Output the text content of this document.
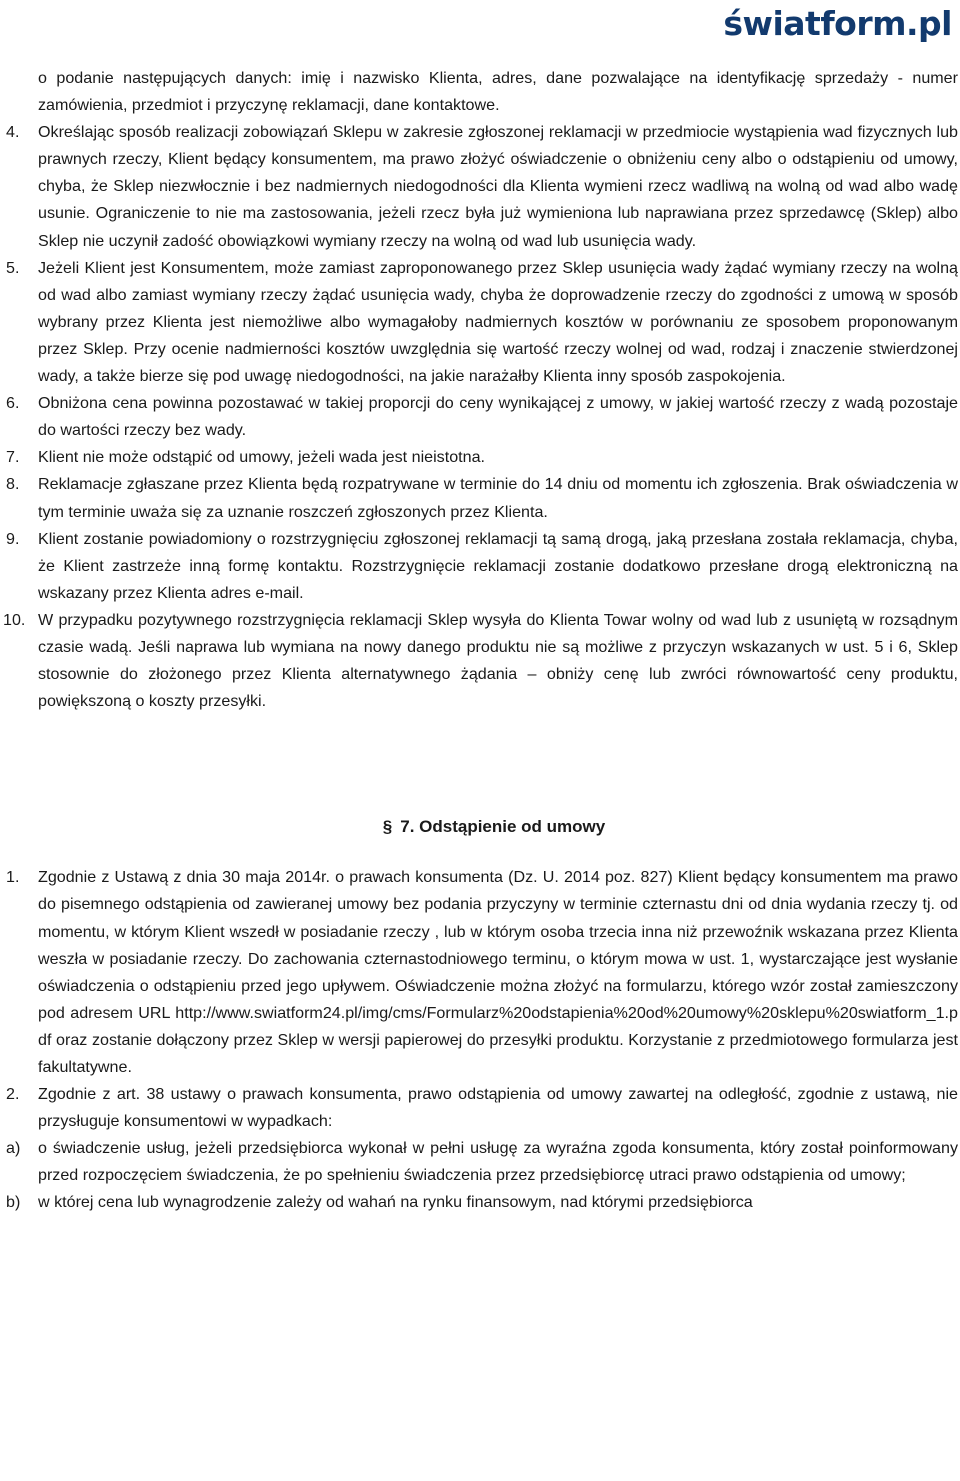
światform.pl

o podanie następujących danych: imię i nazwisko Klienta, adres, dane pozwalające na identyfikację sprzedaży - numer zamówienia, przedmiot i przyczynę reklamacji, dane kontaktowe.

4. Określając sposób realizacji zobowiązań Sklepu w zakresie zgłoszonej reklamacji w przedmiocie wystąpienia wad fizycznych lub prawnych rzeczy, Klient będący konsumentem, ma prawo złożyć oświadczenie o obniżeniu ceny albo o odstąpieniu od umowy, chyba, że Sklep niezwłocznie i bez nadmiernych niedogodności dla Klienta wymieni rzecz wadliwą na wolną od wad albo wadę usunie. Ograniczenie to nie ma zastosowania, jeżeli rzecz była już wymieniona lub naprawiana przez sprzedawcę (Sklep) albo Sklep nie uczynił zadość obowiązkowi wymiany rzeczy na wolną od wad lub usunięcia wady.
5. Jeżeli Klient jest Konsumentem, może zamiast zaproponowanego przez Sklep usunięcia wady żądać wymiany rzeczy na wolną od wad albo zamiast wymiany rzeczy żądać usunięcia wady, chyba że doprowadzenie rzeczy do zgodności z umową w sposób wybrany przez Klienta jest niemożliwe albo wymagałoby nadmiernych kosztów w porównaniu ze sposobem proponowanym przez Sklep. Przy ocenie nadmierności kosztów uwzględnia się wartość rzeczy wolnej od wad, rodzaj i znaczenie stwierdzonej wady, a także bierze się pod uwagę niedogodności, na jakie narażałby Klienta inny sposób zaspokojenia.
6. Obniżona cena powinna pozostawać w takiej proporcji do ceny wynikającej z umowy, w jakiej wartość rzeczy z wadą pozostaje do wartości rzeczy bez wady.
7. Klient nie może odstąpić od umowy, jeżeli wada jest nieistotna.
8. Reklamacje zgłaszane przez Klienta będą rozpatrywane w terminie do 14 dniu od momentu ich zgłoszenia. Brak oświadczenia w tym terminie uważa się za uznanie roszczeń zgłoszonych przez Klienta.
9. Klient zostanie powiadomiony o rozstrzygnięciu zgłoszonej reklamacji tą samą drogą, jaką przesłana została reklamacja, chyba, że Klient zastrzeże inną formę kontaktu. Rozstrzygnięcie reklamacji zostanie dodatkowo przesłane drogą elektroniczną na wskazany przez Klienta adres e-mail.
10. W przypadku pozytywnego rozstrzygnięcia reklamacji Sklep wysyła do Klienta Towar wolny od wad lub z usuniętą w rozsądnym czasie wadą. Jeśli naprawa lub wymiana na nowy danego produktu nie są możliwe z przyczyn wskazanych w ust. 5 i 6, Sklep stosownie do złożonego przez Klienta alternatywnego żądania – obniży cenę lub zwróci równowartość ceny produktu, powiększoną o koszty przesyłki.
§ 7. Odstąpienie od umowy
1. Zgodnie z Ustawą z dnia 30 maja 2014r. o prawach konsumenta (Dz. U. 2014 poz. 827) Klient będący konsumentem ma prawo do pisemnego odstąpienia od zawieranej umowy bez podania przyczyny w terminie czternastu dni od dnia wydania rzeczy tj. od momentu, w którym Klient wszedł w posiadanie rzeczy , lub w którym osoba trzecia inna niż przewoźnik wskazana przez Klienta weszła w posiadanie rzeczy. Do zachowania czternastodniowego terminu, o którym mowa w ust. 1, wystarczające jest wysłanie oświadczenia o odstąpieniu przed jego upływem. Oświadczenie można złożyć na formularzu, którego wzór został zamieszczony pod adresem URL http://www.swiatform24.pl/img/cms/Formularz%20odstapienia%20od%20umowy%20sklepu%20swiatform_1.pdf oraz zostanie dołączony przez Sklep w wersji papierowej do przesyłki produktu. Korzystanie z przedmiotowego formularza jest fakultatywne.
2. Zgodnie z art. 38 ustawy o prawach konsumenta, prawo odstąpienia od umowy zawartej na odległość, zgodnie z ustawą, nie przysługuje konsumentowi w wypadkach:
a) o świadczenie usług, jeżeli przedsiębiorca wykonał w pełni usługę za wyraźna zgoda konsumenta, który został poinformowany przed rozpoczęciem świadczenia, że po spełnieniu świadczenia przez przedsiębiorcę utraci prawo odstąpienia od umowy;
b) w której cena lub wynagrodzenie zależy od wahań na rynku finansowym, nad którymi przedsiębiorca
